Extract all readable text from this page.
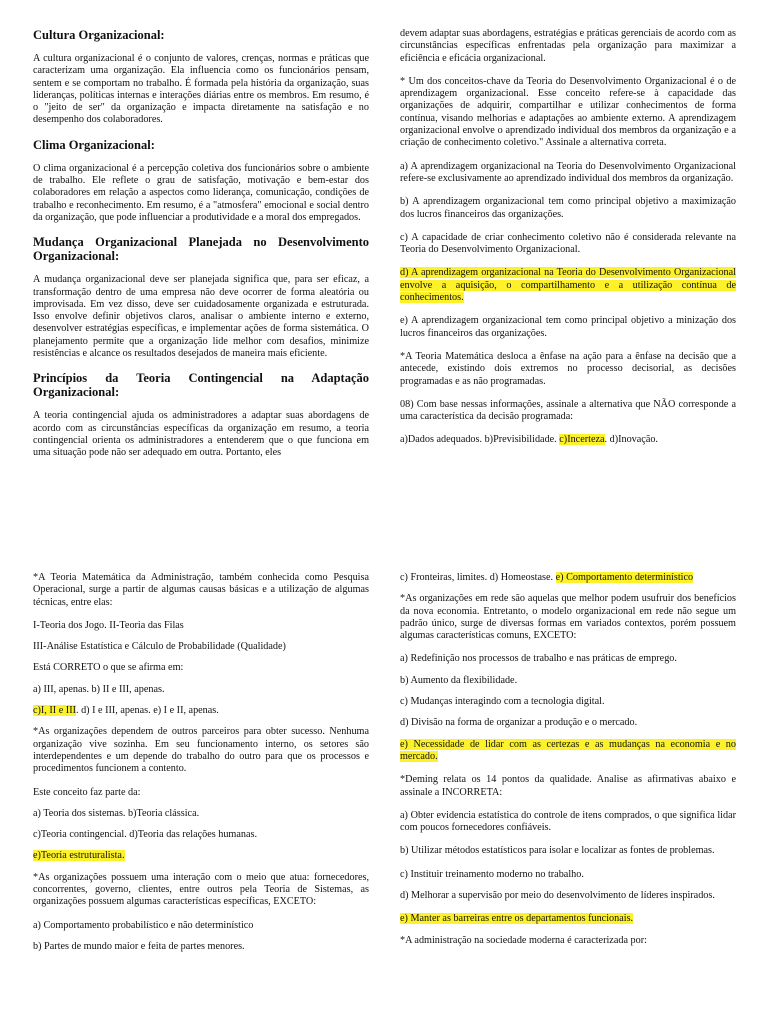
Cultura Organizacional:

A cultura organizacional é o conjunto de valores, crenças, normas e práticas que caracterizam uma organização. Ela influencia como os funcionários pensam, sentem e se comportam no trabalho. É formada pela história da organização, suas lideranças, políticas internas e interações diárias entre os membros. Em resumo, é o "jeito de ser" da organização e impacta diretamente na satisfação e no desempenho dos colaboradores.

Clima Organizacional:

O clima organizacional é a percepção coletiva dos funcionários sobre o ambiente de trabalho. Ele reflete o grau de satisfação, motivação e bem-estar dos colaboradores em relação a aspectos como liderança, comunicação, condições de trabalho e reconhecimento. Em resumo, é a "atmosfera" emocional e social dentro da organização, que pode influenciar a produtividade e a moral dos empregados.

Mudança Organizacional Planejada no Desenvolvimento Organizacional:

A mudança organizacional deve ser planejada significa que, para ser eficaz, a transformação dentro de uma empresa não deve ocorrer de forma aleatória ou improvisada. Em vez disso, deve ser cuidadosamente organizada e estruturada. Isso envolve definir objetivos claros, analisar o ambiente interno e externo, desenvolver estratégias específicas, e implementar ações de forma sistemática. O planejamento permite que a organização lide melhor com desafios, minimize resistências e alcance os resultados desejados de maneira mais eficiente.

Princípios da Teoria Contingencial na Adaptação Organizacional:

A teoria contingencial ajuda os administradores a adaptar suas abordagens de acordo com as circunstâncias específicas da organização em resumo, a teoria contingencial orienta os administradores a entenderem que o que funciona em uma situação pode não ser adequado em outra. Portanto, eles

devem adaptar suas abordagens, estratégias e práticas gerenciais de acordo com as circunstâncias específicas enfrentadas pela organização para maximizar a eficiência e eficácia organizacional.

* Um dos conceitos-chave da Teoria do Desenvolvimento Organizacional é o de aprendizagem organizacional. Esse conceito refere-se à capacidade das organizações de adquirir, compartilhar e utilizar conhecimentos de forma contínua, visando melhorias e adaptações ao ambiente externo. A aprendizagem organizacional envolve o aprendizado individual dos membros da organização e a criação de conhecimento coletivo." Assinale a alternativa correta.

a) A aprendizagem organizacional na Teoria do Desenvolvimento Organizacional refere-se exclusivamente ao aprendizado individual dos membros da organização.

b) A aprendizagem organizacional tem como principal objetivo a maximização dos lucros financeiros das organizações.

c) A capacidade de criar conhecimento coletivo não é considerada relevante na Teoria do Desenvolvimento Organizacional.

d) A aprendizagem organizacional na Teoria do Desenvolvimento Organizacional envolve a aquisição, o compartilhamento e a utilização contínua de conhecimentos.

e) A aprendizagem organizacional tem como principal objetivo a minização dos lucros financeiros das organizações.

*A Teoria Matemática desloca a ênfase na ação para a ênfase na decisão que a antecede, existindo dois extremos no processo decisorial, as decisões programadas e as não programadas.

08) Com base nessas informações, assinale a alternativa que NÃO corresponde a uma característica da decisão programada:

a)Dados adequados. b)Previsibilidade. c)Incerteza. d)Inovação.

*A Teoria Matemática da Administração, também conhecida como Pesquisa Operacional, surge a partir de algumas causas básicas e a utilização de algumas técnicas, entre elas:

I-Teoria dos Jogo. II-Teoria das Filas

III-Análise Estatística e Cálculo de Probabilidade (Qualidade)

Está CORRETO o que se afirma em:

a) III, apenas. b) II e III, apenas.

c)I, II e III. d) I e III, apenas. e) I e II, apenas.

*As organizações dependem de outros parceiros para obter sucesso. Nenhuma organização vive sozinha. Em seu funcionamento interno, os setores são interdependentes e um depende do trabalho do outro para que os processos e procedimentos funcionem a contento.

Este conceito faz parte da:

a) Teoria dos sistemas. b)Teoria clássica.

c)Teoria contingencial. d)Teoria das relações humanas.

e)Teoria estruturalista.

*As organizações possuem uma interação com o meio que atua: fornecedores, concorrentes, governo, clientes, entre outros pela Teoria de Sistemas, as organizações possuem algumas características específicas, EXCETO:

a) Comportamento probabilístico e não determinístico

b) Partes de mundo maior e feita de partes menores.

c) Fronteiras, limites. d) Homeostase. e) Comportamento determinístico

*As organizações em rede são aquelas que melhor podem usufruir dos benefícios da nova economia. Entretanto, o modelo organizacional em rede não segue um padrão único, surge de diversas formas em variados contextos, porém possuem algumas características comuns, EXCETO:

a) Redefinição nos processos de trabalho e nas práticas de emprego.

b) Aumento da flexibilidade.

c) Mudanças interagindo com a tecnologia digital.

d) Divisão na forma de organizar a produção e o mercado.

e) Necessidade de lidar com as certezas e as mudanças na economia e no mercado.

*Deming relata os 14 pontos da qualidade. Analise as afirmativas abaixo e assinale a INCORRETA:

a) Obter evidencia estatística do controle de itens comprados, o que significa lidar com poucos fornecedores confiáveis.

b) Utilizar métodos estatísticos para isolar e localizar as fontes de problemas.

c) Instituir treinamento moderno no trabalho.

d) Melhorar a supervisão por meio do desenvolvimento de líderes inspirados.

e) Manter as barreiras entre os departamentos funcionais.

*A administração na sociedade moderna é caracterizada por:
